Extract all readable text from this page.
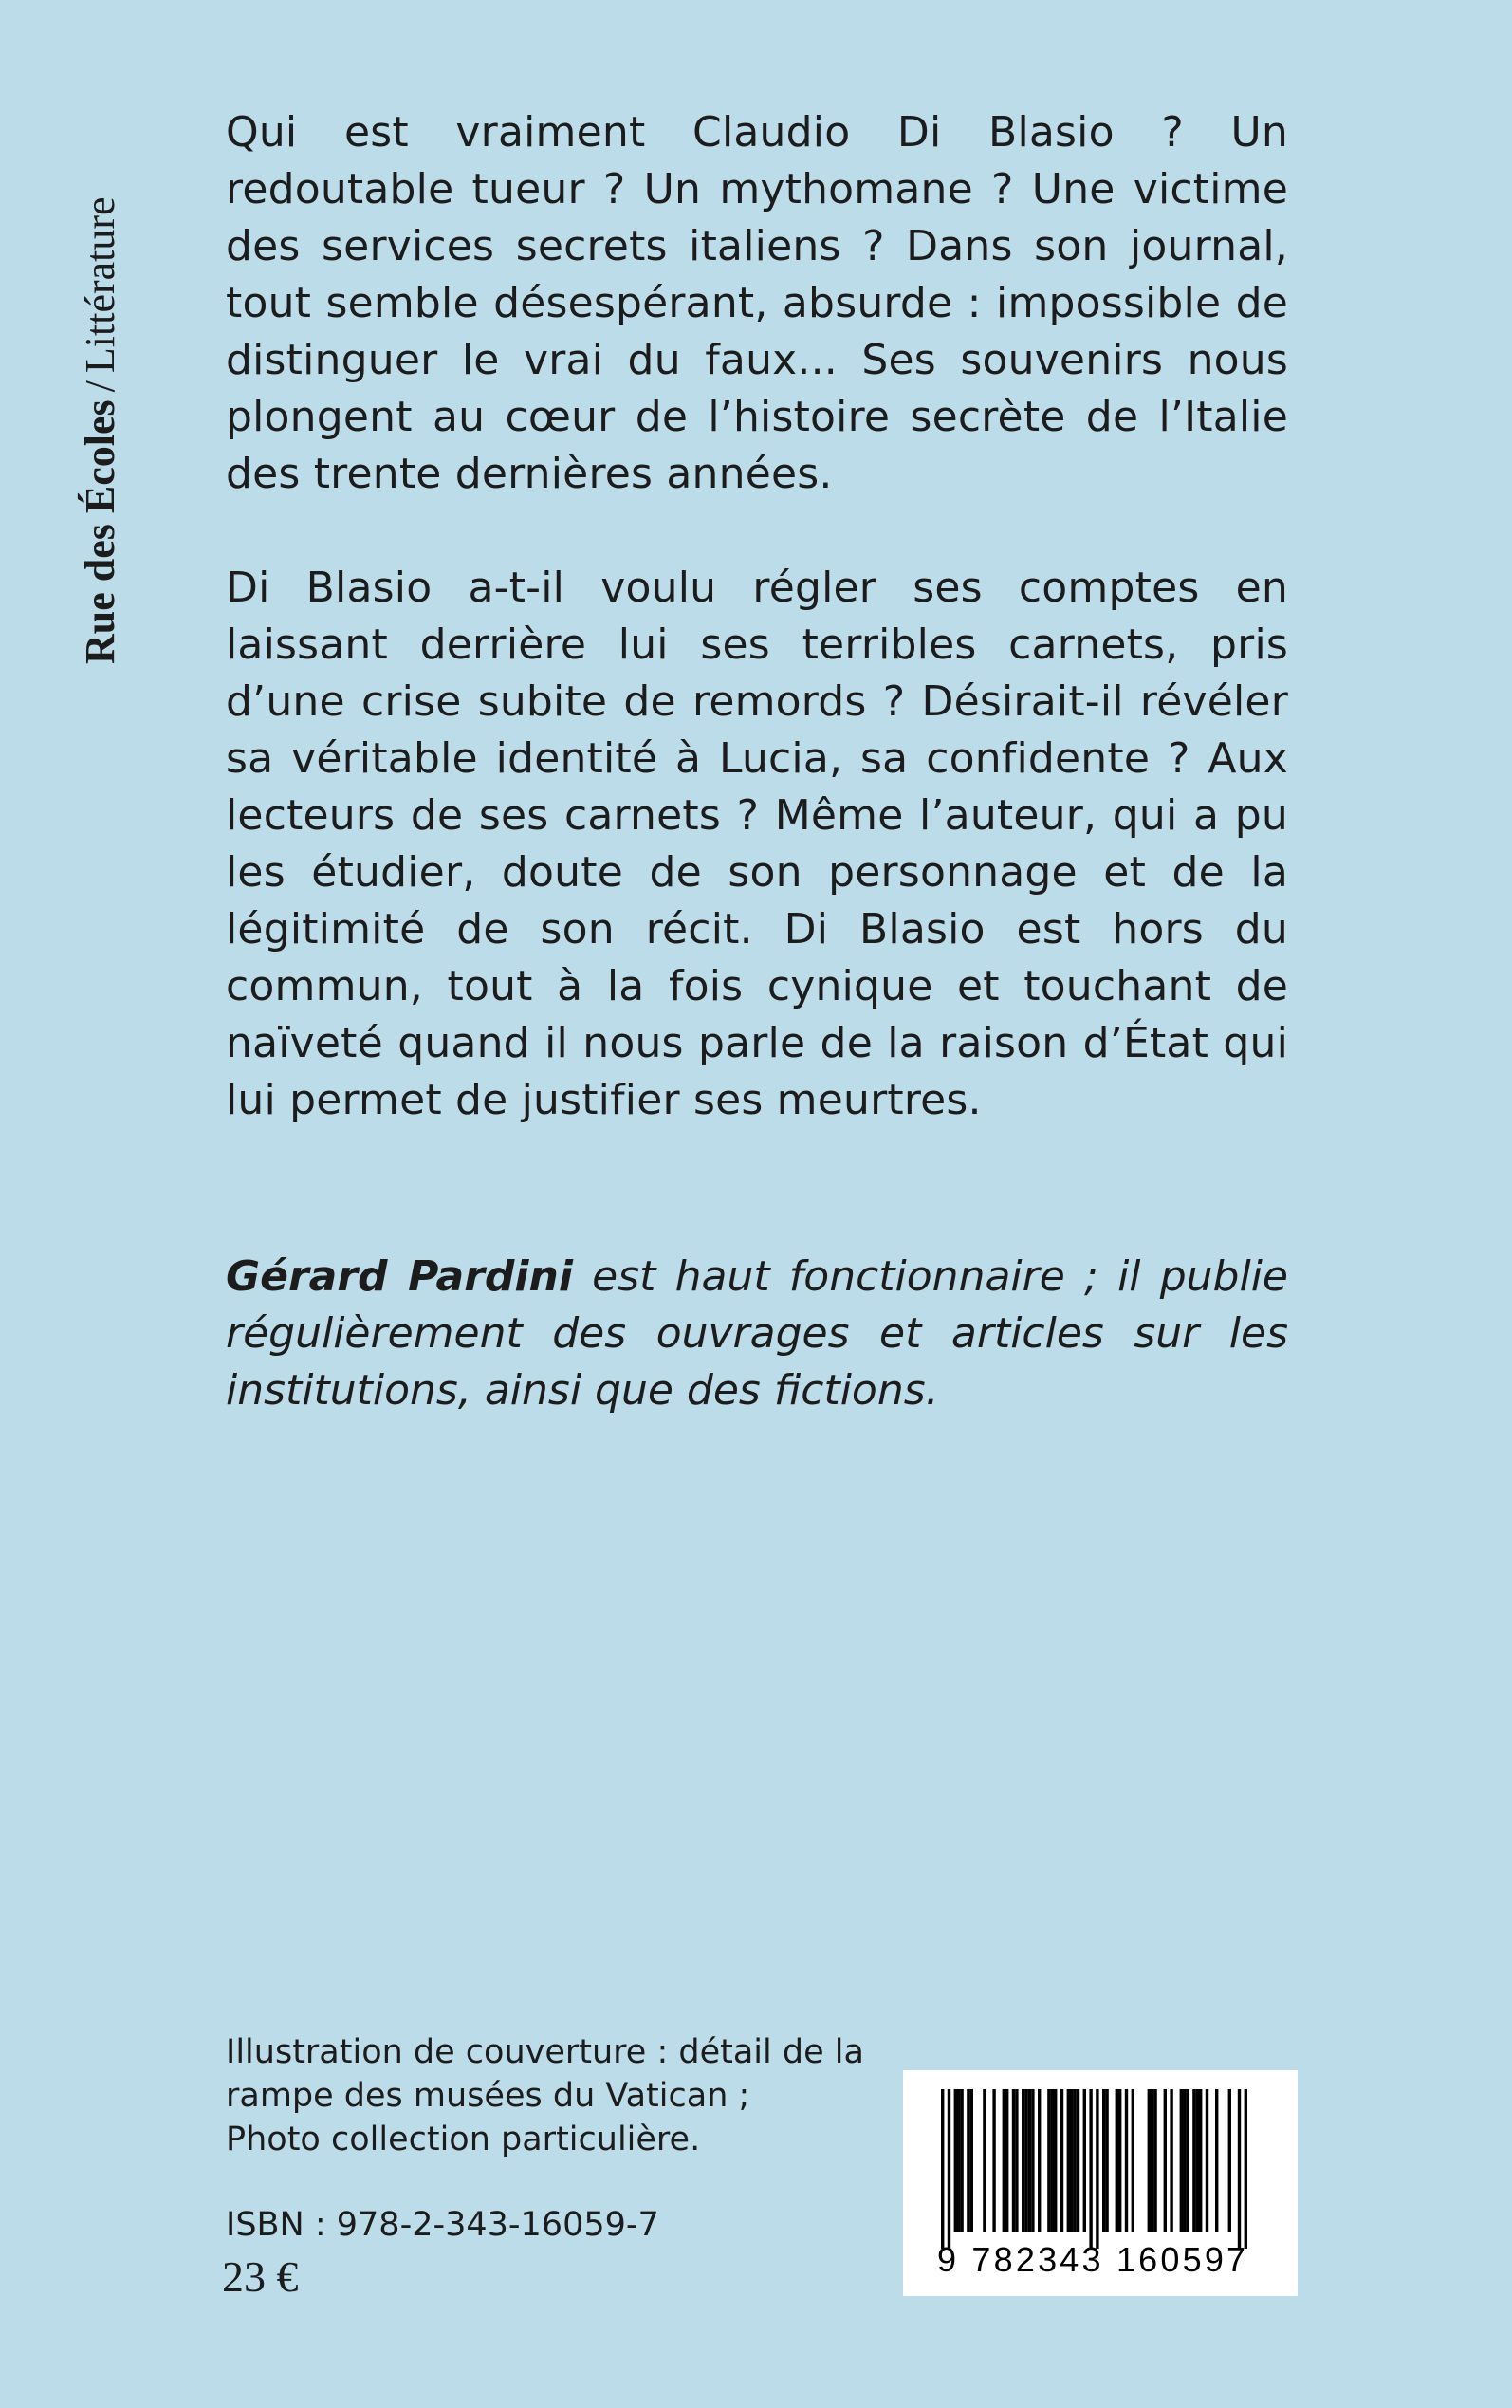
Rue des Écoles/Littérature

Qui est vraiment Claudio Di Blasio ? Un redoutable tueur ? Un mythomane ? Une victime des services secrets italiens ? Dans son journal, tout semble désespérant, absurde : impossible de distinguer le vrai du faux... Ses souvenirs nous plongent au cœur de l’histoire secrète de l’Italie des trente dernières années.

Di Blasio a-t-il voulu régler ses comptes en laissant derrière lui ses terribles carnets, pris d’une crise subite de remords ? Désirait-il révéler sa véritable identité à Lucia, sa confidente ? Aux lecteurs de ses carnets ? Même l’auteur, qui a pu les étudier, doute de son personnage et de la légitimité de son récit. Di Blasio est hors du commun, tout à la fois cynique et touchant de naïveté quand il nous parle de la raison d’État qui lui permet de justifier ses meurtres.

Gérard Pardini est haut fonctionnaire ; il publie régulièrement des ouvrages et articles sur les institutions, ainsi que des fictions.
Illustration de couverture : détail de la
rampe des musées du Vatican ;
Photo collection particulière.
ISBN : 978-2-343-16059-7
23 €	9 782343 160597
